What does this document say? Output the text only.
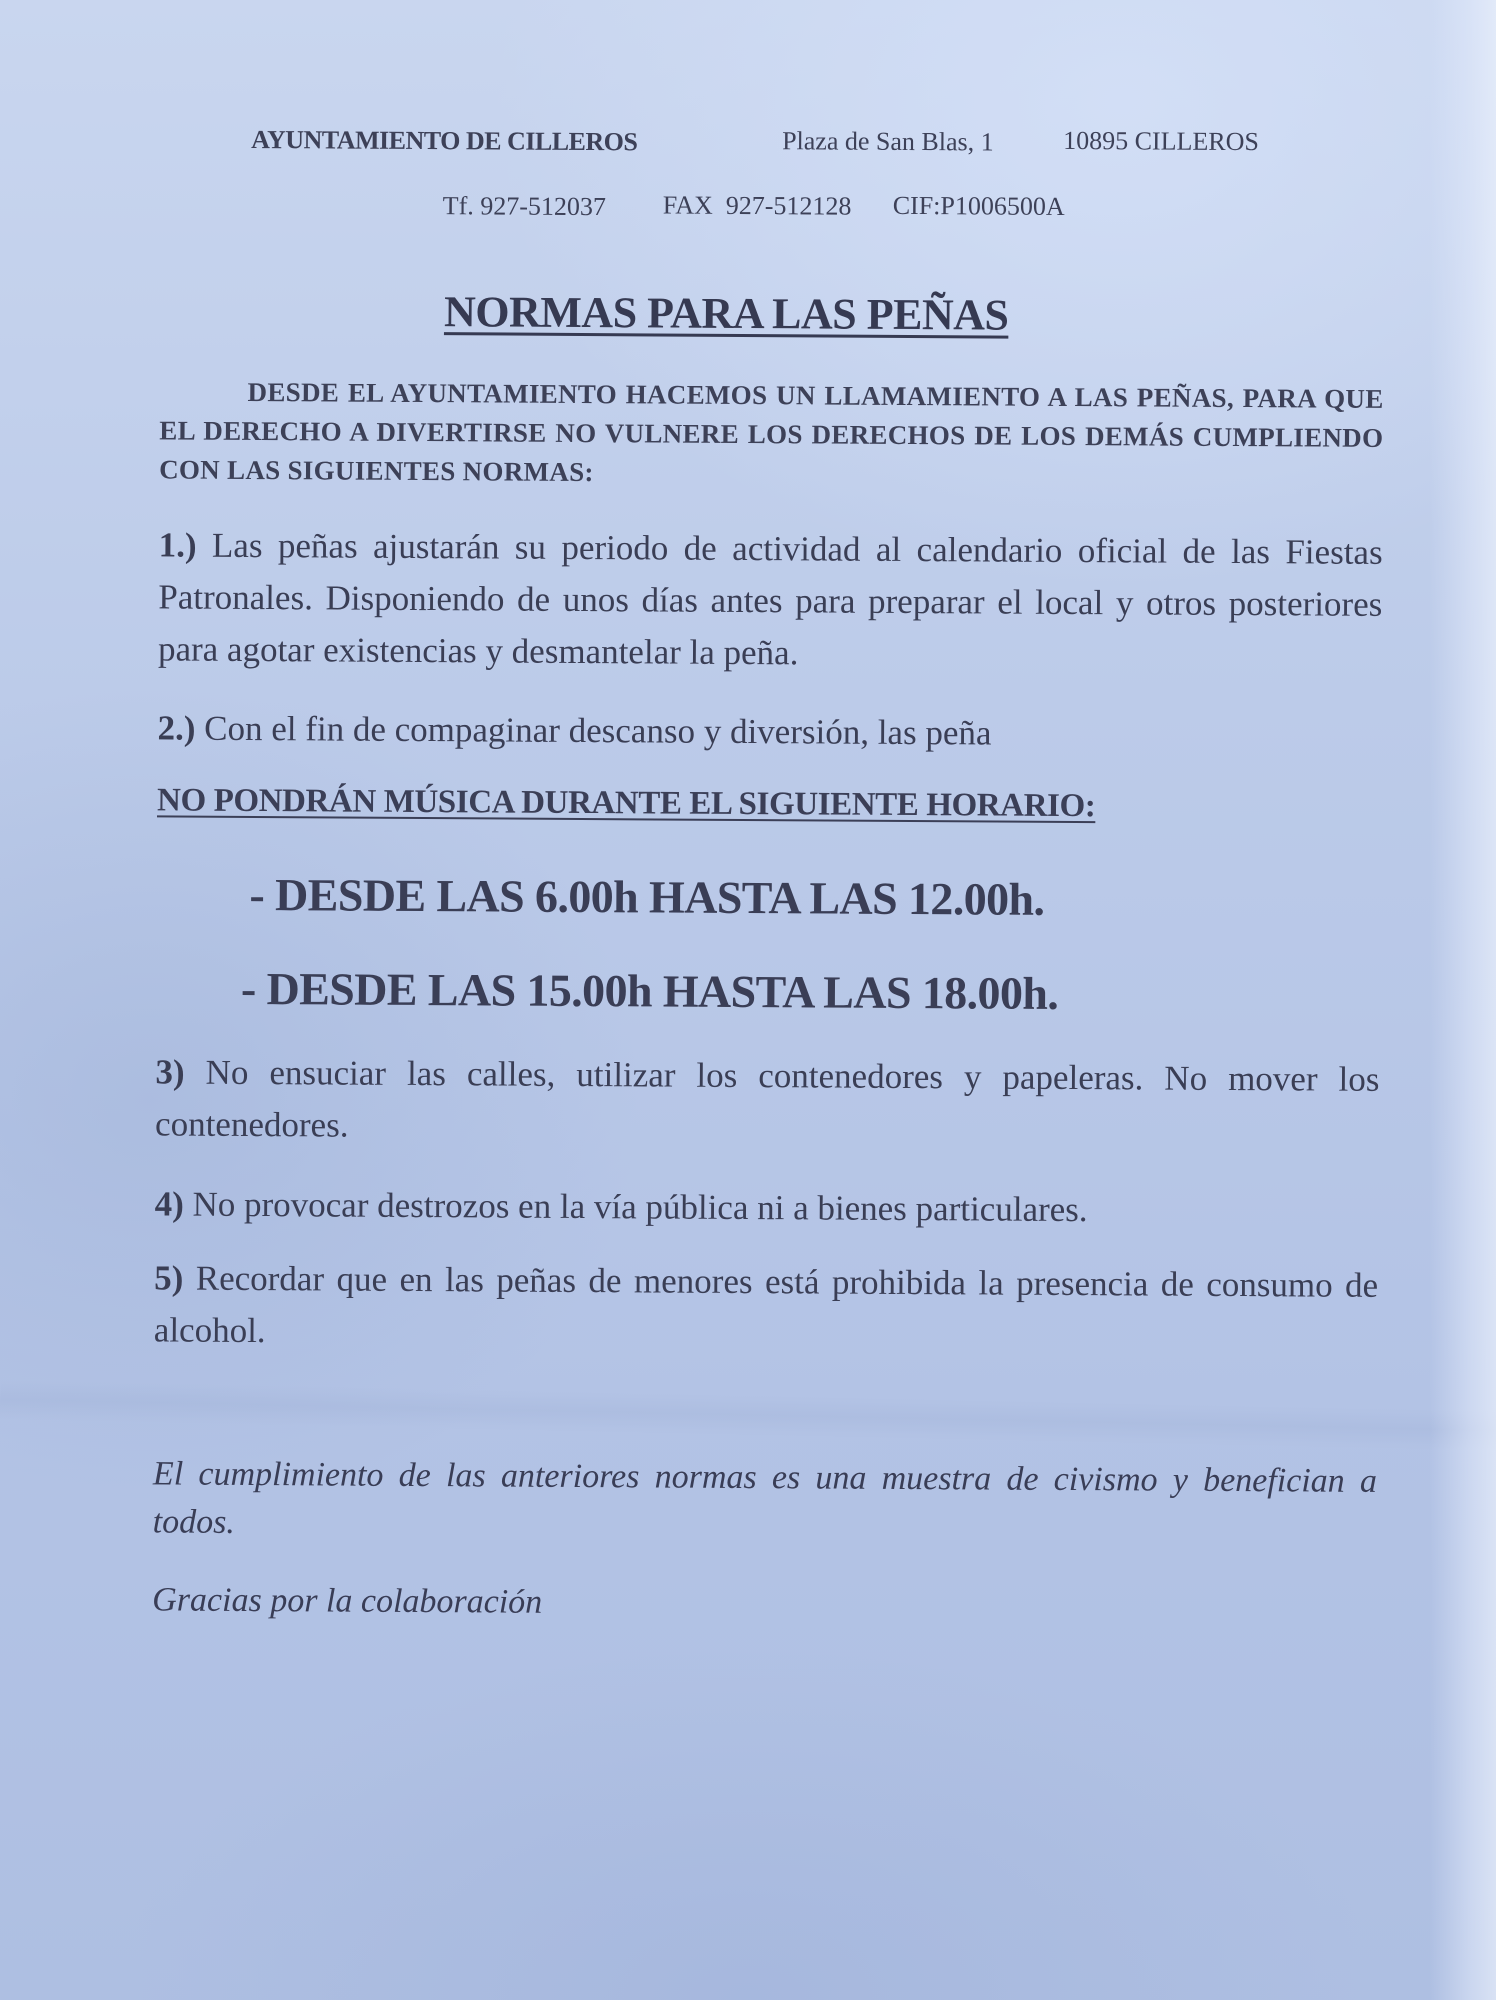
AYUNTAMIENTO DE CILLEROS	Plaza de San Blas, 1	10895 CILLEROS
Tf. 927-512037 FAX  927-512128 CIF:P1006500A
NORMAS PARA LAS PEÑAS
DESDE EL AYUNTAMIENTO HACEMOS UN LLAMAMIENTO A LAS PEÑAS, PARA QUE EL DERECHO A DIVERTIRSE NO VULNERE LOS DERECHOS DE LOS DEMÁS CUMPLIENDO CON LAS SIGUIENTES NORMAS:
1.) Las peñas ajustarán su periodo de actividad al calendario oficial de las Fiestas Patronales. Disponiendo de unos días antes para preparar el local y otros posteriores para agotar existencias y desmantelar la peña.
2.) Con el fin de compaginar descanso y diversión, las peña
NO PONDRÁN MÚSICA DURANTE EL SIGUIENTE HORARIO:
- DESDE LAS 6.00h HASTA LAS 12.00h.
- DESDE LAS 15.00h HASTA LAS 18.00h.
3) No ensuciar las calles, utilizar los contenedores y papeleras. No mover los contenedores.
4) No provocar destrozos en la vía pública ni a bienes particulares.
5) Recordar que en las peñas de menores está prohibida la presencia de consumo de alcohol.
El cumplimiento de las anteriores normas es una muestra de civismo y benefician a todos.
Gracias por la colaboración
